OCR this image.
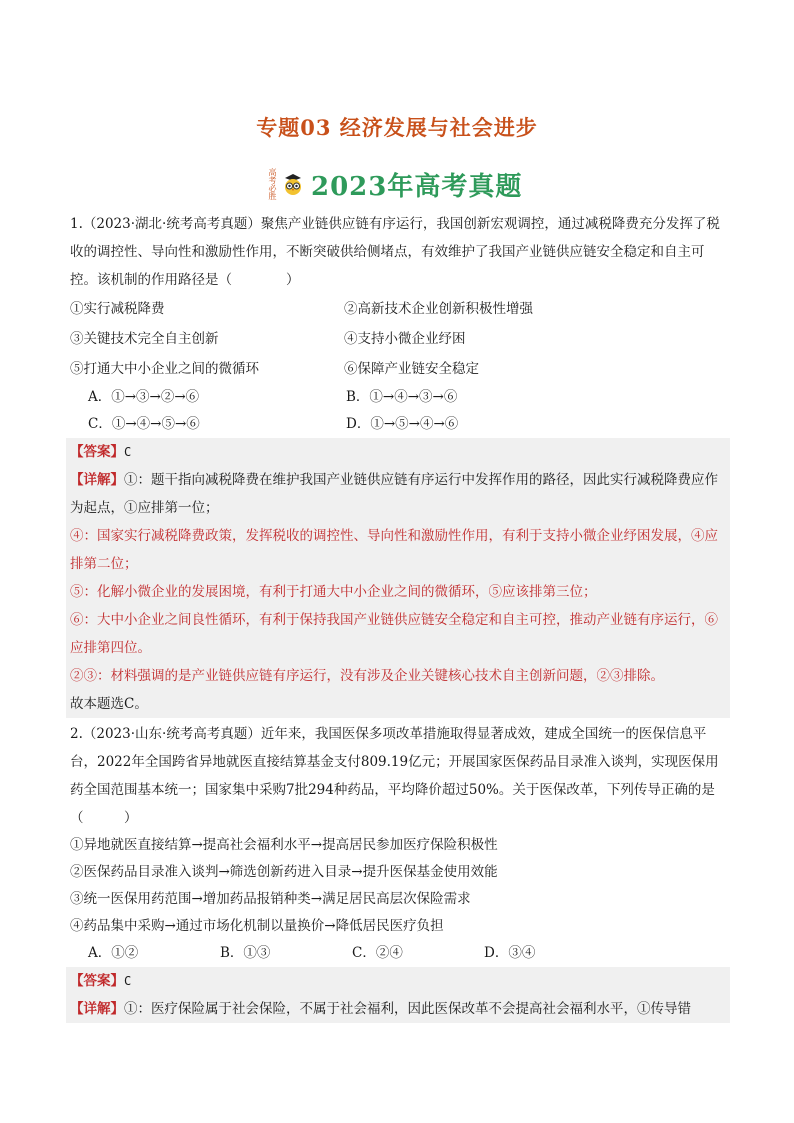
专题03 经济发展与社会进步
高考必胜 2023年高考真题

1.（2023·湖北·统考高考真题）聚焦产业链供应链有序运行，我国创新宏观调控，通过减税降费充分发挥了税收的调控性、导向性和激励性作用，不断突破供给侧堵点，有效维护了我国产业链供应链安全稳定和自主可控。该机制的作用路径是（　　　　）

①实行减税降费	②高新技术企业创新积极性增强
③关键技术完全自主创新	④支持小微企业纾困
⑤打通大中小企业之间的微循环	⑥保障产业链安全稳定
A．①→③→②→⑥	B．①→④→③→⑥
C．①→④→⑤→⑥	D．①→⑤→④→⑥

【答案】C

【详解】①：题干指向减税降费在维护我国产业链供应链有序运行中发挥作用的路径，因此实行减税降费应作为起点，①应排第一位；

④：国家实行减税降费政策，发挥税收的调控性、导向性和激励性作用，有利于支持小微企业纾困发展，④应排第二位；

⑤：化解小微企业的发展困境，有利于打通大中小企业之间的微循环，⑤应该排第三位；

⑥：大中小企业之间良性循环，有利于保持我国产业链供应链安全稳定和自主可控，推动产业链有序运行，⑥应排第四位。

②③：材料强调的是产业链供应链有序运行，没有涉及企业关键核心技术自主创新问题，②③排除。

故本题选C。

2.（2023·山东·统考高考真题）近年来，我国医保多项改革措施取得显著成效，建成全国统一的医保信息平台，2022年全国跨省异地就医直接结算基金支付809.19亿元；开展国家医保药品目录准入谈判，实现医保用药全国范围基本统一；国家集中采购7批294种药品，平均降价超过50%。关于医保改革，下列传导正确的是（　　　）

①异地就医直接结算→提高社会福利水平→提高居民参加医疗保险积极性

②医保药品目录准入谈判→筛选创新药进入目录→提升医保基金使用效能

③统一医保用药范围→增加药品报销种类→满足居民高层次保险需求

④药品集中采购→通过市场化机制以量换价→降低居民医疗负担

A．①②	B．①③	C．②④	D．③④

【答案】C

【详解】①：医疗保险属于社会保险，不属于社会福利，因此医保改革不会提高社会福利水平，①传导错
